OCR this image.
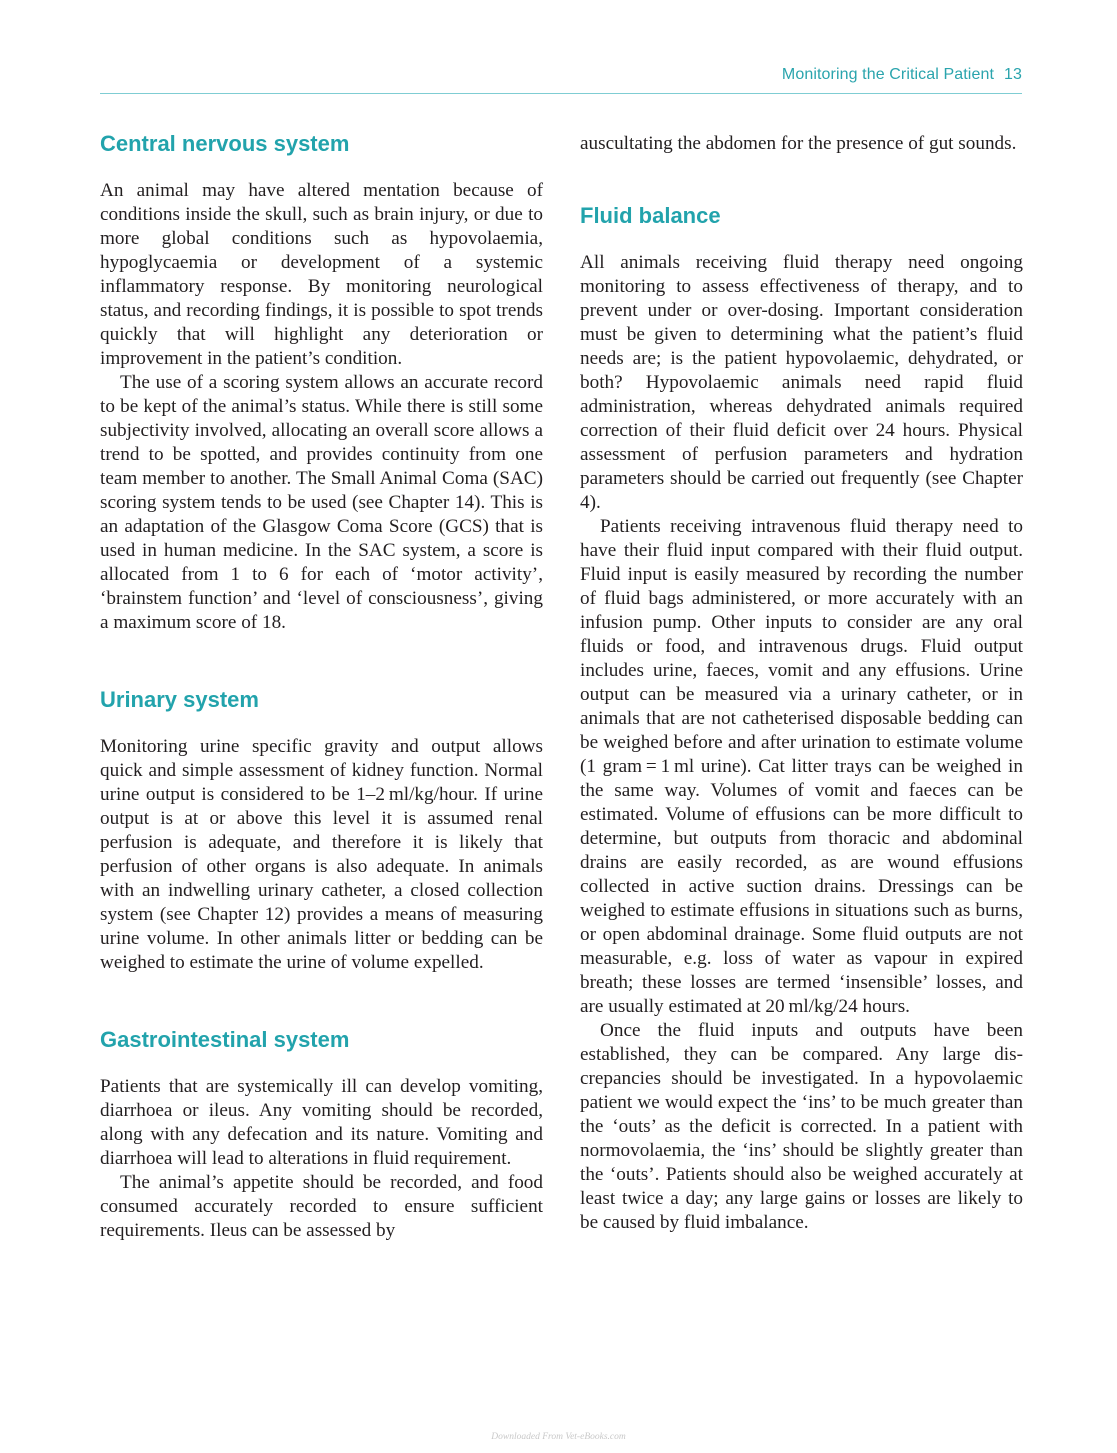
Monitoring the Critical Patient 13
Central nervous system

An animal may have altered mentation because of conditions inside the skull, such as brain injury, or due to more global conditions such as hypovolaemia, hypoglycaemia or development of a systemic inflammatory response. By monitoring neurological status, and recording findings, it is possible to spot trends quickly that will highlight any deterioration or improvement in the patient’s condition.

The use of a scoring system allows an accurate record to be kept of the animal’s status. While there is still some subjectivity involved, allocating an overall score allows a trend to be spotted, and provides continuity from one team member to another. The Small Animal Coma (SAC) scoring system tends to be used (see Chapter 14). This is an adaptation of the Glasgow Coma Score (GCS) that is used in human medicine. In the SAC system, a score is allocated from 1 to 6 for each of ‘motor activity’, ‘brainstem function’ and ‘level of consciousness’, giving a maximum score of 18.

Urinary system

Monitoring urine specific gravity and output allows quick and simple assessment of kidney function. Normal urine output is considered to be 1–2 ml/kg/hour. If urine output is at or above this level it is assumed renal perfusion is adequate, and therefore it is likely that perfusion of other organs is also adequate. In animals with an indwelling urinary catheter, a closed collection system (see Chapter 12) provides a means of measuring urine volume. In other animals litter or bedding can be weighed to estimate the urine of volume expelled.

Gastrointestinal system

Patients that are systemically ill can develop vomiting, diarrhoea or ileus. Any vomiting should be recorded, along with any defecation and its nature. Vomiting and diarrhoea will lead to alterations in fluid requirement.

The animal’s appetite should be recorded, and food consumed accurately recorded to ensure sufficient requirements. Ileus can be assessed by

auscultating the abdomen for the presence of gut sounds.

Fluid balance

All animals receiving fluid therapy need ongoing monitoring to assess effectiveness of therapy, and to prevent under or over-dosing. Important consideration must be given to determining what the patient’s fluid needs are; is the patient hypovolaemic, dehydrated, or both? Hypovolaemic animals need rapid fluid administration, whereas dehydrated animals required correction of their fluid deficit over 24 hours. Physical assessment of perfusion parameters and hydration parameters should be carried out frequently (see Chapter 4).

Patients receiving intravenous fluid therapy need to have their fluid input compared with their fluid output. Fluid input is easily measured by recording the number of fluid bags administered, or more accurately with an infusion pump. Other inputs to consider are any oral fluids or food, and intravenous drugs. Fluid output includes urine, faeces, vomit and any effusions. Urine output can be measured via a urinary catheter, or in animals that are not catheterised disposable bedding can be weighed before and after urination to estimate volume (1 gram = 1 ml urine). Cat litter trays can be weighed in the same way. Volumes of vomit and faeces can be estimated. Volume of effusions can be more difficult to determine, but outputs from thoracic and abdominal drains are easily recorded, as are wound effusions collected in active suction drains. Dressings can be weighed to estimate effusions in situations such as burns, or open abdominal drainage. Some fluid outputs are not measurable, e.g. loss of water as vapour in expired breath; these losses are termed ‘insensible’ losses, and are usually estimated at 20 ml/kg/24 hours.

Once the fluid inputs and outputs have been established, they can be compared. Any large discrepancies should be investigated. In a hypovolaemic patient we would expect the ‘ins’ to be much greater than the ‘outs’ as the deficit is corrected. In a patient with normovolaemia, the ‘ins’ should be slightly greater than the ‘outs’. Patients should also be weighed accurately at least twice a day; any large gains or losses are likely to be caused by fluid imbalance.

Downloaded From Vet-eBooks.com
